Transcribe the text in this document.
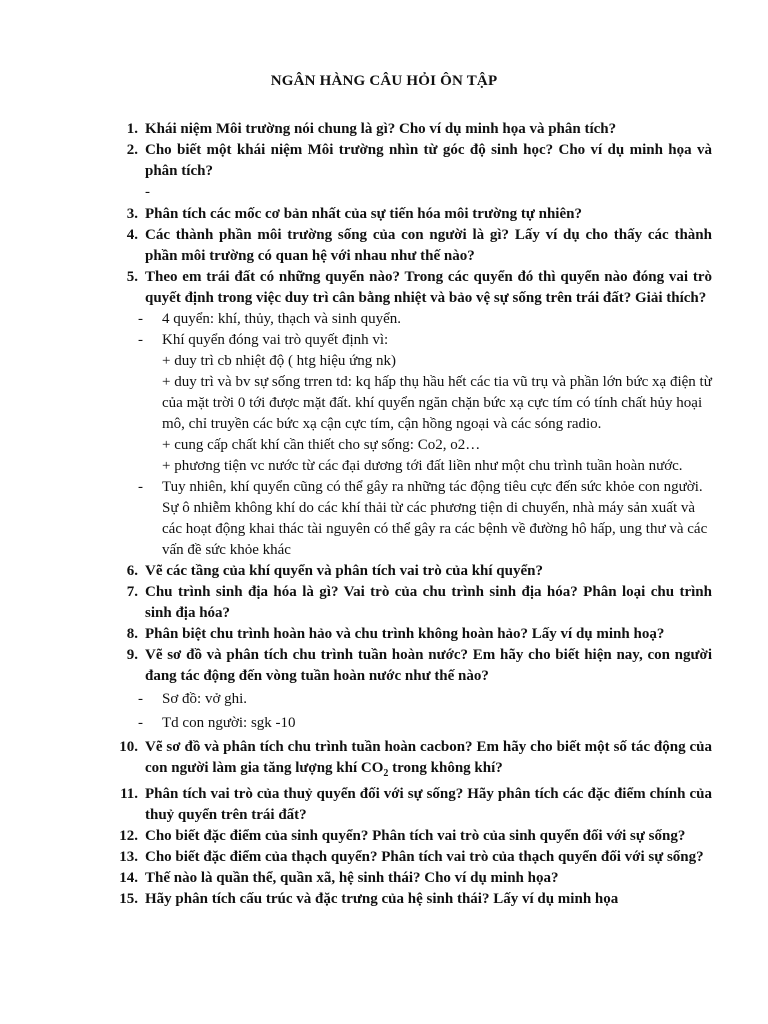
NGÂN HÀNG CÂU HỎI ÔN TẬP
1. Khái niệm Môi trường nói chung là gì? Cho ví dụ minh họa và phân tích?
2. Cho biết một khái niệm Môi trường nhìn từ góc độ sinh học? Cho ví dụ minh họa và phân tích?
-
3. Phân tích các mốc cơ bản nhất của sự tiến hóa môi trường tự nhiên?
4. Các thành phần môi trường sống của con người là gì? Lấy ví dụ cho thấy các thành phần môi trường có quan hệ với nhau như thế nào?
5. Theo em trái đất có những quyển nào? Trong các quyển đó thì quyển nào đóng vai trò quyết định trong việc duy trì cân bằng nhiệt và bảo vệ sự sống trên trái đất? Giải thích?
-	4 quyển: khí, thủy, thạch và sinh quyển.
-	Khí quyển đóng vai trò quyết định vì:
+ duy trì cb nhiệt độ ( htg hiệu ứng nk)
+ duy trì và bv sự sống trren td: kq hấp thụ hầu hết các tia vũ trụ và phần lớn bức xạ điện từ của mặt trời 0 tới được mặt đất. khí quyển ngăn chặn bức xạ cực tím có tính chất hủy hoại mô, chỉ truyền các bức xạ cận cực tím, cận hồng ngoại và các sóng radio.
+ cung cấp chất khí cần thiết cho sự sống: Co2, o2…
+ phương tiện vc nước từ các đại dương tới đất liền như một chu trình tuần hoàn nước.
-	Tuy nhiên, khí quyển cũng có thể gây ra những tác động tiêu cực đến sức khỏe con người. Sự ô nhiễm không khí do các khí thải từ các phương tiện di chuyển, nhà máy sản xuất và các hoạt động khai thác tài nguyên có thể gây ra các bệnh về đường hô hấp, ung thư và các vấn đề sức khỏe khác
6. Vẽ các tầng của khí quyển và phân tích vai trò của khí quyển?
7. Chu trình sinh địa hóa là gì? Vai trò của chu trình sinh địa hóa? Phân loại chu trình sinh địa hóa?
8. Phân biệt chu trình hoàn hảo và chu trình không hoàn hảo? Lấy ví dụ minh hoạ?
9. Vẽ sơ đồ và phân tích chu trình tuần hoàn nước? Em hãy cho biết hiện nay, con người đang tác động đến vòng tuần hoàn nước như thế nào?
-	Sơ đồ: vở ghi.
-	Td con người: sgk -10
10. Vẽ sơ đồ và phân tích chu trình tuần hoàn cacbon? Em hãy cho biết một số tác động của con người làm gia tăng lượng khí $CO_2$ trong không khí?
11. Phân tích vai trò của thuỷ quyển đối với sự sống? Hãy phân tích các đặc điểm chính của thuỷ quyển trên trái đất?
12. Cho biết đặc điểm của sinh quyển? Phân tích vai trò của sinh quyển đối với sự sống?
13. Cho biết đặc điểm của thạch quyển? Phân tích vai trò của thạch quyển đối với sự sống?
14. Thế nào là quần thể, quần xã, hệ sinh thái? Cho ví dụ minh họa?
15. Hãy phân tích cấu trúc và đặc trưng của hệ sinh thái? Lấy ví dụ minh họa
